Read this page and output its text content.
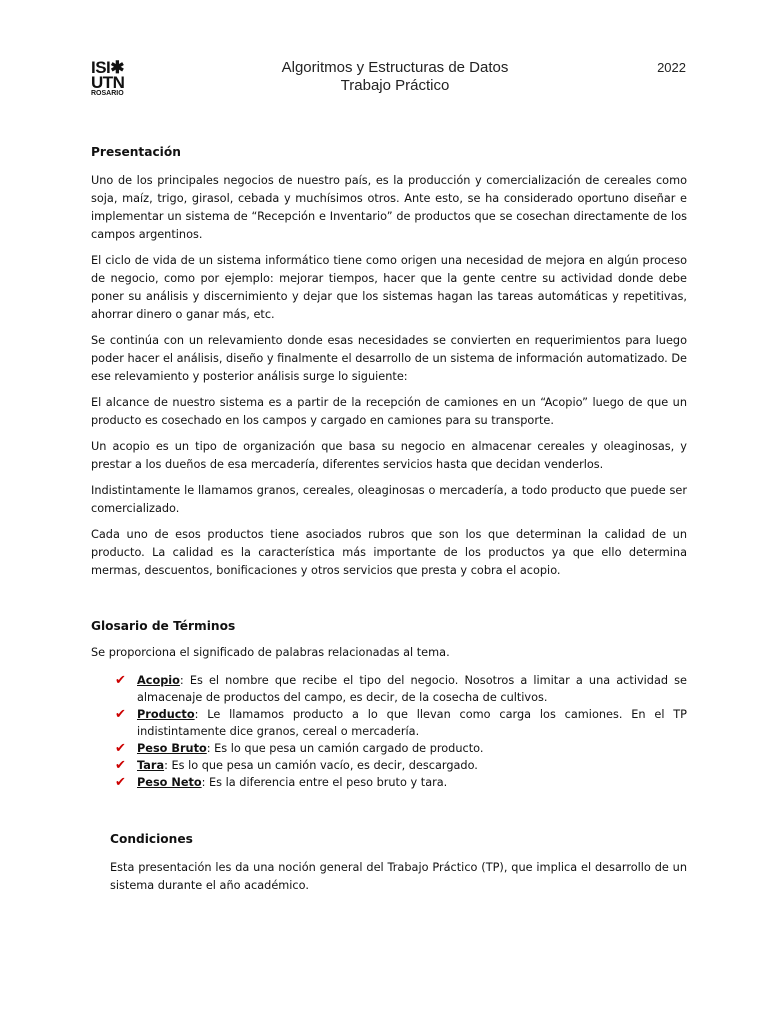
ISI✱
UTN
ROSARIO
Algoritmos y Estructuras de Datos
Trabajo Práctico
2022
Presentación

Uno de los principales negocios de nuestro país, es la producción y comercialización de cereales como soja, maíz, trigo, girasol, cebada y muchísimos otros. Ante esto, se ha considerado oportuno diseñar e implementar un sistema de “Recepción e Inventario” de productos que se cosechan directamente de los campos argentinos.

El ciclo de vida de un sistema informático tiene como origen una necesidad de mejora en algún proceso de negocio, como por ejemplo: mejorar tiempos, hacer que la gente centre su actividad donde debe poner su análisis y discernimiento y dejar que los sistemas hagan las tareas automáticas y repetitivas, ahorrar dinero o ganar más, etc.

Se continúa con un relevamiento donde esas necesidades se convierten en requerimientos para luego poder hacer el análisis, diseño y finalmente el desarrollo de un sistema de información automatizado. De ese relevamiento y posterior análisis surge lo siguiente:

El alcance de nuestro sistema es a partir de la recepción de camiones en un “Acopio” luego de que un producto es cosechado en los campos y cargado en camiones para su transporte.

Un acopio es un tipo de organización que basa su negocio en almacenar cereales y oleaginosas, y prestar a los dueños de esa mercadería, diferentes servicios hasta que decidan venderlos.

Indistintamente le llamamos granos, cereales, oleaginosas o mercadería, a todo producto que puede ser comercializado.

Cada uno de esos productos tiene asociados rubros que son los que determinan la calidad de un producto. La calidad es la característica más importante de los productos ya que ello determina mermas, descuentos, bonificaciones y otros servicios que presta y cobra el acopio.

Glosario de Términos

Se proporciona el significado de palabras relacionadas al tema.

✔ Acopio: Es el nombre que recibe el tipo del negocio. Nosotros a limitar a una actividad se almacenaje de productos del campo, es decir, de la cosecha de cultivos.
✔ Producto: Le llamamos producto a lo que llevan como carga los camiones. En el TP indistintamente dice granos, cereal o mercadería.
✔ Peso Bruto: Es lo que pesa un camión cargado de producto.
✔ Tara: Es lo que pesa un camión vacío, es decir, descargado.
✔ Peso Neto: Es la diferencia entre el peso bruto y tara.
Condiciones

Esta presentación les da una noción general del Trabajo Práctico (TP), que implica el desarrollo de un sistema durante el año académico.
